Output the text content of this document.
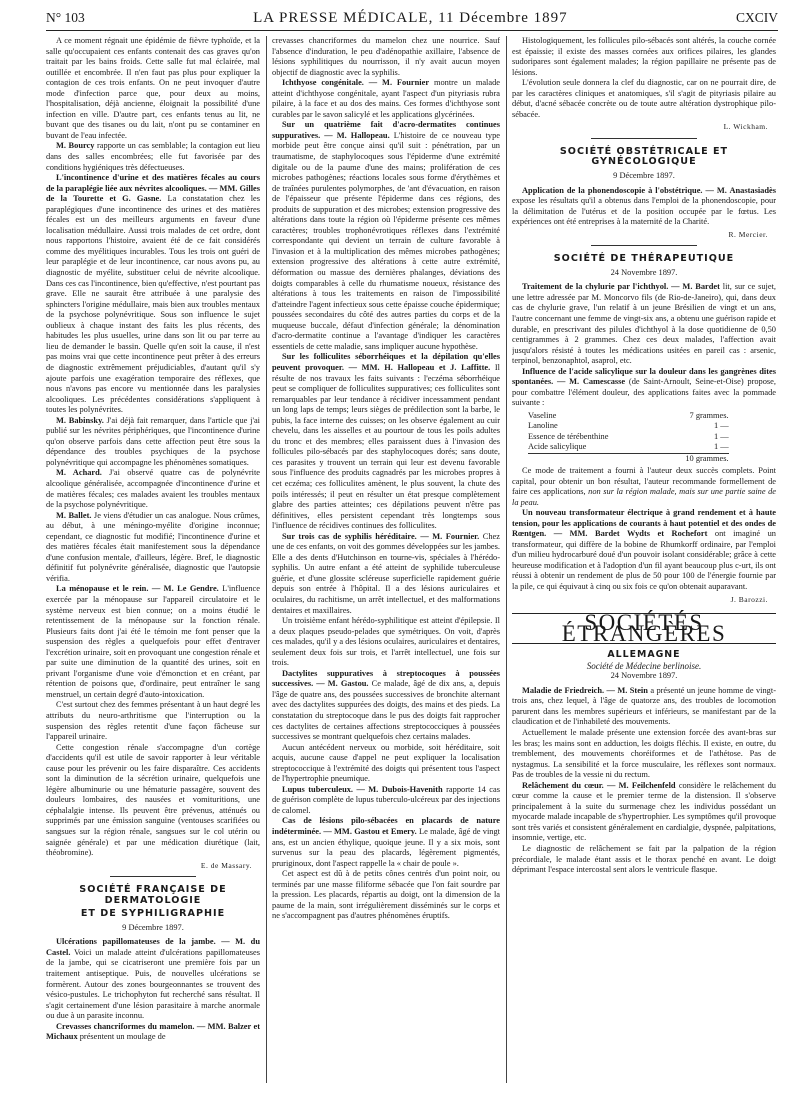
N° 103	LA PRESSE MÉDICALE, 11 Décembre 1897	CXCIV

A ce moment régnait une épidémie de fièvre typhoïde, et la salle qu'occupaient ces enfants contenait des cas graves qu'on traitait par les bains froids. Cette salle fut mal éclairée, mal outillée et encombrée. Il n'en faut pas plus pour expliquer la contagion de ces trois enfants. On ne peut invoquer d'autre mode d'infection parce que, pour deux au moins, l'hospitalisation, déjà ancienne, éloignait la possibilité d'une infection en ville. D'autre part, ces enfants tenus au lit, ne buvant que des tisanes ou du lait, n'ont pu se contaminer en buvant de l'eau infectée.

M. Bourcy rapporte un cas semblable; la contagion eut lieu dans des salles encombrées; elle fut favorisée par des conditions hygiéniques très défectueuses.

L'incontinence d'urine et des matières fécales au cours de la paraplégie liée aux névrites alcooliques. — MM. Gilles de la Tourette et G. Gasne. La constatation chez les paraplégiques d'une incontinence des urines et des matières fécales est un des meilleurs arguments en faveur d'une localisation médullaire. Aussi trois malades de cet ordre, dont nous rapportons l'histoire, avaient été de ce fait considérés comme des myélitiques incurables. Tous les trois ont guéri de leur paraplégie et de leur incontinence, car nous avons pu, au diagnostic de myélite, substituer celui de névrite alcoolique. Dans ces cas l'incontinence, bien qu'effective, n'est pourtant pas grave. Elle ne saurait être attribuée à une paralysie des sphincters l'origine médullaire, mais bien aux troubles mentaux de la psychose polynévritique. Sous son influence le sujet oublieux à chaque instant des faits les plus récents, des habitudes les plus usuelles, urine dans son lit ou par terre au lieu de demander le bassin. Quelle qu'en soit la cause, il n'est pas moins vrai que cette incontinence peut prêter à des erreurs de diagnostic extrêmement préjudiciables, d'autant qu'il s'y ajoute parfois une exagération temporaire des réflexes, que nous n'avons pas encore vu mentionnée dans les paralysies alcooliques. Les précédentes considérations s'appliquent à toutes les polynévrites.

M. Babinsky. J'ai déjà fait remarquer, dans l'article que j'ai publié sur les névrites périphériques, que l'incontinence d'urine qu'on observe parfois dans cette affection peut être sous la dépendance des troubles psychiques de la psychose polynévritique qui accompagne les phénomènes somatiques.

M. Achard. J'ai observé quatre cas de polynévrite alcoolique généralisée, accompagnée d'incontinence d'urine et de matières fécales; ces malades avaient les troubles mentaux de la psychose polynévritique.

M. Ballet. Je viens d'étudier un cas analogue. Nous crûmes, au début, à une méningo-myélite d'origine inconnue; cependant, ce diagnostic fut modifié; l'incontinence d'urine et des matières fécales était manifestement sous la dépendance d'une confusion mentale, d'ailleurs, légère. Bref, le diagnostic définitif fut polynévrite généralisée, diagnostic que l'autopsie vérifia.

La ménopause et le rein. — M. Le Gendre. L'influence exercée par la ménopause sur l'appareil circulatoire et le système nerveux est bien connue; on a moins étudié le retentissement de la ménopause sur la fonction rénale. Plusieurs faits dont j'ai été le témoin me font penser que la suspension des règles a quelquefois pour effet d'entraver l'excrétion urinaire, soit en provoquant une congestion rénale et par suite une diminution de la quantité des urines, soit en privant l'organisme d'une voie d'émonction et en créant, par rétention de poisons que, d'ordinaire, peut entraîner le sang menstruel, un certain degré d'auto-intoxication.

C'est surtout chez des femmes présentant à un haut degré les attributs du neuro-arthritisme que l'interruption ou la suspension des règles retentit d'une façon fâcheuse sur l'appareil urinaire.

Cette congestion rénale s'accompagne d'un cortège d'accidents qu'il est utile de savoir rapporter à leur véritable cause pour les prévenir ou les faire disparaître. Ces accidents sont la diminution de la sécrétion urinaire, quelquefois une légère albuminurie ou une hématurie passagère, souvent des douleurs lombaires, des nausées et vomituritions, une céphalalgie intense. Ils peuvent être prévenus, atténués ou supprimés par une émission sanguine (ventouses scarifiées ou sangsues sur la région rénale, sangsues sur le col utérin ou saignée générale) et par une médication diurétique (lait, théobromine).

E. de Massary.
SOCIÉTÉ FRANÇAISE DE DERMATOLOGIE
ET DE SYPHILIGRAPHIE
9 Décembre 1897.

Ulcérations papillomateuses de la jambe. — M. du Castel. Voici un malade atteint d'ulcérations papillomateuses de la jambe, qui se cicatriseront une première fois par un traitement antiseptique. Puis, de nouvelles ulcérations se formèrent. Autour des zones bourgeonnantes se trouvent des vésico-pustules. Le trichophyton fut recherché sans résultat. Il s'agit certainement d'une lésion parasitaire à marche anormale ou due à un parasite inconnu.

Crevasses chancriformes du mamelon. — MM. Balzer et Michaux présentent un moulage de

crevasses chancriformes du mamelon chez une nourrice. Sauf l'absence d'induration, le peu d'adénopathie axillaire, l'absence de lésions syphilitiques du nourrisson, il n'y avait aucun moyen objectif de diagnostic avec la syphilis.

Ichthyose congénitale. — M. Fournier montre un malade atteint d'ichthyose congénitale, ayant l'aspect d'un pityriasis rubra pilaire, à la face et au dos des mains. Ces formes d'ichthyose sont curables par le savon salicylé et les applications glycérinées.

Sur un quatrième fait d'acro-dermatites continues suppuratives. — M. Hallopeau. L'histoire de ce nouveau type morbide peut être conçue ainsi qu'il suit : pénétration, par un traumatisme, de staphylocoques sous l'épiderme d'une extrémité digitale ou de la paume d'une des mains; prolifération de ces microbes pathogènes; réactions locales sous forme d'érythèmes et de traînées purulentes polymorphes, de 'ant d'évacuation, en raison de l'épaisseur que présente l'épiderme dans ces régions, des produits de suppuration et des microbes; extension progressive des altérations dans toute la région où l'épiderme présente ces mêmes caractères; troubles trophonévrotiques réflexes dans l'extrémité correspondante qui devient un terrain de culture favorable à l'invasion et à la multiplication des mêmes microbes pathogènes; extension progressive des altérations à cette autre extrémité, déformation ou massue des dernières phalanges, déviations des doigts comparables à celle du rhumatisme noueux, résistance des altérations à tous les traitements en raison de l'impossibilité d'atteindre l'agent infectieux sous cette épaisse couche épidermique; poussées secondaires du côté des autres parties du corps et de la muqueuse buccale, défaut d'infection générale; la dénomination d'acro-dermatite continue a l'avantage d'indiquer les caractères essentiels de cette maladie, sans impliquer aucune hypothèse.

Sur les folliculites séborrhéiques et la dépilation qu'elles peuvent provoquer. — MM. H. Hallopeau et J. Laffitte. Il résulte de nos travaux les faits suivants : l'eczéma séborrhéique peut se compliquer de folliculites suppuratives; ces folliculites sont remarquables par leur tendance à récidiver incessamment pendant un long laps de temps; leurs sièges de prédilection sont la barbe, le pubis, la face interne des cuisses; on les observe également au cuir chevelu, dans les aisselles et au pourtour de tous les poils adultes du tronc et des membres; elles paraissent dues à l'invasion des follicules pilo-sébacés par des staphylocoques dorés; sans doute, ces parasites y trouvent un terrain qui leur est devenu favorable sous l'influence des produits cagnadrés par les microbes propres à cet eczéma; ces folliculites amènent, le plus souvent, la chute des poils intéressés; il peut en résulter un état presque complètement glabre des parties atteintes; ces dépilations peuvent n'être pas définitives, elles persistent cependant très longtemps sous l'influence de récidives continues des folliculites.

Sur trois cas de syphilis héréditaire. — M. Fournier. Chez une de ces enfants, on voit des gommes développées sur les jambes. Elle a des dents d'Hutchinson en tourne-vis, spéciales à l'hérédo-syphilis. Un autre enfant a été atteint de syphilide tuberculeuse guérie, et d'une glossite scléreuse superficielle rapidement guérie depuis son entrée à l'hôpital. Il a des lésions auriculaires et oculaires, du rachitisme, un arrêt intellectuel, et des malformations dentaires et maxillaires.

Un troisième enfant hérédo-syphilitique est atteint d'épilepsie. Il a deux plaques pseudo-pelades que symétriques. On voit, d'après ces malades, qu'il y a des lésions oculaires, auriculaires et dentaires, seulement deux fois sur trois, et l'arrêt intellectuel, une fois sur trois.

Dactylites suppuratives à streptocoques à poussées successives. — M. Gastou. Ce malade, âgé de dix ans, a, depuis l'âge de quatre ans, des poussées successives de bronchite alternant avec des dactylites suppurées des doigts, des mains et des pieds. La constatation du streptocoque dans le pus des doigts fait rapprocher ces dactylites de certaines affections streptococciques à poussées successives se montrant quelquefois chez certains malades.

Aucun antécédent nerveux ou morbide, soit héréditaire, soit acquis, aucune cause d'appel ne peut expliquer la localisation streptococcique à l'extrémité des doigts qui présentent tous l'aspect de l'hypertrophie pneumique.

Lupus tuberculeux. — M. Dubois-Havenith rapporte 14 cas de guérison complète de lupus tuberculo-ulcéreux par des injections de calomel.

Cas de lésions pilo-sébacées en placards de nature indéterminée. — MM. Gastou et Emery. Le malade, âgé de vingt ans, est un ancien éthylique, quoique jeune. Il y a six mois, sont survenus sur la peau des placards, légèrement pigmentés, pruriginoux, dont l'aspect rappelle la « chair de poule ».

Cet aspect est dû à de petits cônes centrés d'un point noir, ou terminés par une masse filiforme sébacée que l'on fait sourdre par la pression. Les placards, répartis au doigt, ont la dimension de la paume de la main, sont irrégulièrement disséminés sur le corps et ne s'accompagnent pas d'autres phénomènes éruptifs.

Histologiquement, les follicules pilo-sébacés sont altérés, la couche cornée est épaissie; il existe des masses cornées aux orifices pilaires, les glandes sudoripares sont également malades; la région papillaire ne présente pas de lésions.

L'évolution seule donnera la clef du diagnostic, car on ne pourrait dire, de par les caractères cliniques et anatomiques, s'il s'agit de pityriasis pilaire au début, d'acné sébacée concrète ou de toute autre altération dystrophique pilo-sébacée.

L. Wickham.
SOCIÉTÉ OBSTÉTRICALE ET GYNÉCOLOGIQUE
9 Décembre 1897.

Application de la phonendoscopie à l'obstétrique. — M. Anastasiadès expose les résultats qu'il a obtenus dans l'emploi de la phonendoscopie, pour la délimitation de l'utérus et de la position occupée par le fœtus. Les expériences ont été entreprises à la maternité de la Charité.

R. Mercier.
SOCIÉTÉ DE THÉRAPEUTIQUE
24 Novembre 1897.

Traitement de la chylurie par l'ichthyol. — M. Bardet lit, sur ce sujet, une lettre adressée par M. Moncorvo fils (de Rio-de-Janeiro), qui, dans deux cas de chylurie grave, l'un relatif à un jeune Brésilien de vingt et un ans, l'autre concernant une femme de vingt-six ans, a obtenu une guérison rapide et durable, en prescrivant des pilules d'ichthyol à la dose quotidienne de 0,50 centigrammes à 2 grammes. Chez ces deux malades, l'affection avait jusqu'alors résisté à toutes les médications usitées en pareil cas : arsenic, terpinol, benzonaphtol, asaprol, etc.

Influence de l'acide salicylique sur la douleur dans les gangrènes dites spontanées. — M. Camescasse (de Saint-Arnoult, Seine-et-Oise) propose, pour combattre l'élément douleur, des applications faites avec la pommade suivante :

Vaseline	7 grammes.
Lanoline	1 —
Essence de térébenthine	1 —
Acide salicylique	1 —
	10 grammes.

Ce mode de traitement a fourni à l'auteur deux succès complets. Point capital, pour obtenir un bon résultat, l'auteur recommande formellement de faire ces applications, non sur la région malade, mais sur une partie saine de la peau.

Un nouveau transformateur électrique à grand rendement et à haute tension, pour les applications de courants à haut potentiel et des ondes de Rœntgen. — MM. Bardet Wydts et Rochefort ont imaginé un transformateur, qui diffère de la bobine de Rhumkorff ordinaire, par l'emploi d'un milieu hydrocarburé doué d'un pouvoir isolant considérable; grâce à cette heureuse modification et à l'adoption d'un fil ayant beaucoup plus c-urt, ils ont réussi à obtenir un rendement de plus de 50 pour 100 de l'énergie fournie par la pile, ce qui équivaut à cinq ou six fois ce qu'on obtenait auparavant.

J. Barozzi.
SOCIÉTÉS ÉTRANGÈRES
ALLEMAGNE
Société de Médecine berlinoise.
24 Novembre 1897.

Maladie de Friedreich. — M. Stein a présenté un jeune homme de vingt-trois ans, chez lequel, à l'âge de quatorze ans, des troubles de locomotion parurent dans les membres supérieurs et inférieurs, se manifestant par de la claudication et de l'inhabileté des mouvements.

Actuellement le malade présente une extension forcée des avant-bras sur les bras; les mains sont en adduction, les doigts fléchis. Il existe, en outre, du tremblement, des mouvements choréiformes et de l'athétose. Pas de nystagmus. La sensibilité et la force musculaire, les réflexes sont normaux. Pas de troubles de la vessie ni du rectum.

Relâchement du cœur. — M. Feilchenfeld considère le relâchement du cœur comme la cause et le premier terme de la distension. Il s'observe principalement à la suite du surmenage chez les individus possédant un myocarde malade incapable de s'hypertrophier. Les symptômes qu'il provoque sont très variés et consistent généralement en cardialgie, dyspnée, palpitations, insomnie, vertige, etc.

Le diagnostic de relâchement se fait par la palpation de la région précordiale, le malade étant assis et le thorax penché en avant. Le doigt déprimant l'espace intercostal sent alors le ventricule flasque.
